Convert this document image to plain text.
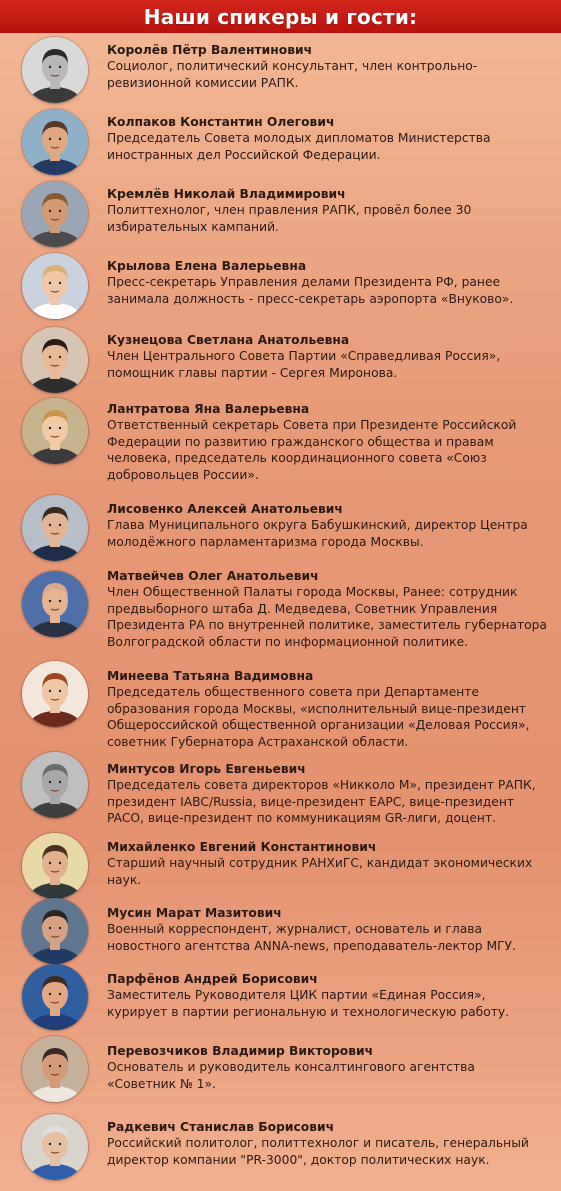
Наши спикеры и гости:
Королёв Пётр Валентинович
Социолог, политический консультант, член контрольно-ревизионной комиссии РАПК.
Колпаков Константин Олегович
Председатель Совета молодых дипломатов Министерства иностранных дел Российской Федерации.
Кремлёв Николай Владимирович
Политтехнолог, член правления РАПК, провёл более 30 избирательных кампаний.
Крылова Елена Валерьевна
Пресс-секретарь Управления делами Президента РФ, ранее занимала должность - пресс-секретарь аэропорта «Внуково».
Кузнецова Светлана Анатольевна
Член Центрального Совета Партии «Справедливая Россия», помощник главы партии - Сергея Миронова.
Лантратова Яна Валерьевна
Ответственный секретарь Совета при Президенте Российской Федерации по развитию гражданского общества и правам человека, председатель координационного совета «Союз добровольцев России».
Лисовенко Алексей Анатольевич
Глава Муниципального округа Бабушкинский, директор Центра молодёжного парламентаризма города Москвы.
Матвейчев Олег Анатольевич
Член Общественной Палаты города Москвы, Ранее: сотрудник предвыборного штаба Д. Медведева, Советник Управления Президента РА по внутренней политике, заместитель губернатора Волгоградской области по информационной политике.
Минеева Татьяна Вадимовна
Председатель общественного совета при Департаменте образования города Москвы, «исполнительный вице-президент Общероссийской общественной организации «Деловая Россия», советник Губернатора Астраханской области.
Минтусов Игорь Евгеньевич
Председатель совета директоров «Никколо М», президент РАПК, президент IABC/Russia, вице-президент EAPC, вице-президент PACO, вице-президент по коммуникациям GR-лиги, доцент.
Михайленко Евгений Константинович
Старший научный сотрудник РАНХиГС, кандидат экономических наук.
Мусин Марат Мазитович
Военный корреспондент, журналист, основатель и глава новостного агентства ANNA-news, преподаватель-лектор МГУ.
Парфёнов Андрей Борисович
Заместитель Руководителя ЦИК партии «Единая Россия», курирует в партии региональную и технологическую работу.
Перевозчиков Владимир Викторович
Основатель и руководитель консалтингового агентства «Советник № 1».
Радкевич Станислав Борисович
Российский политолог, политтехнолог и писатель, генеральный директор компании "PR-3000", доктор политических наук.
